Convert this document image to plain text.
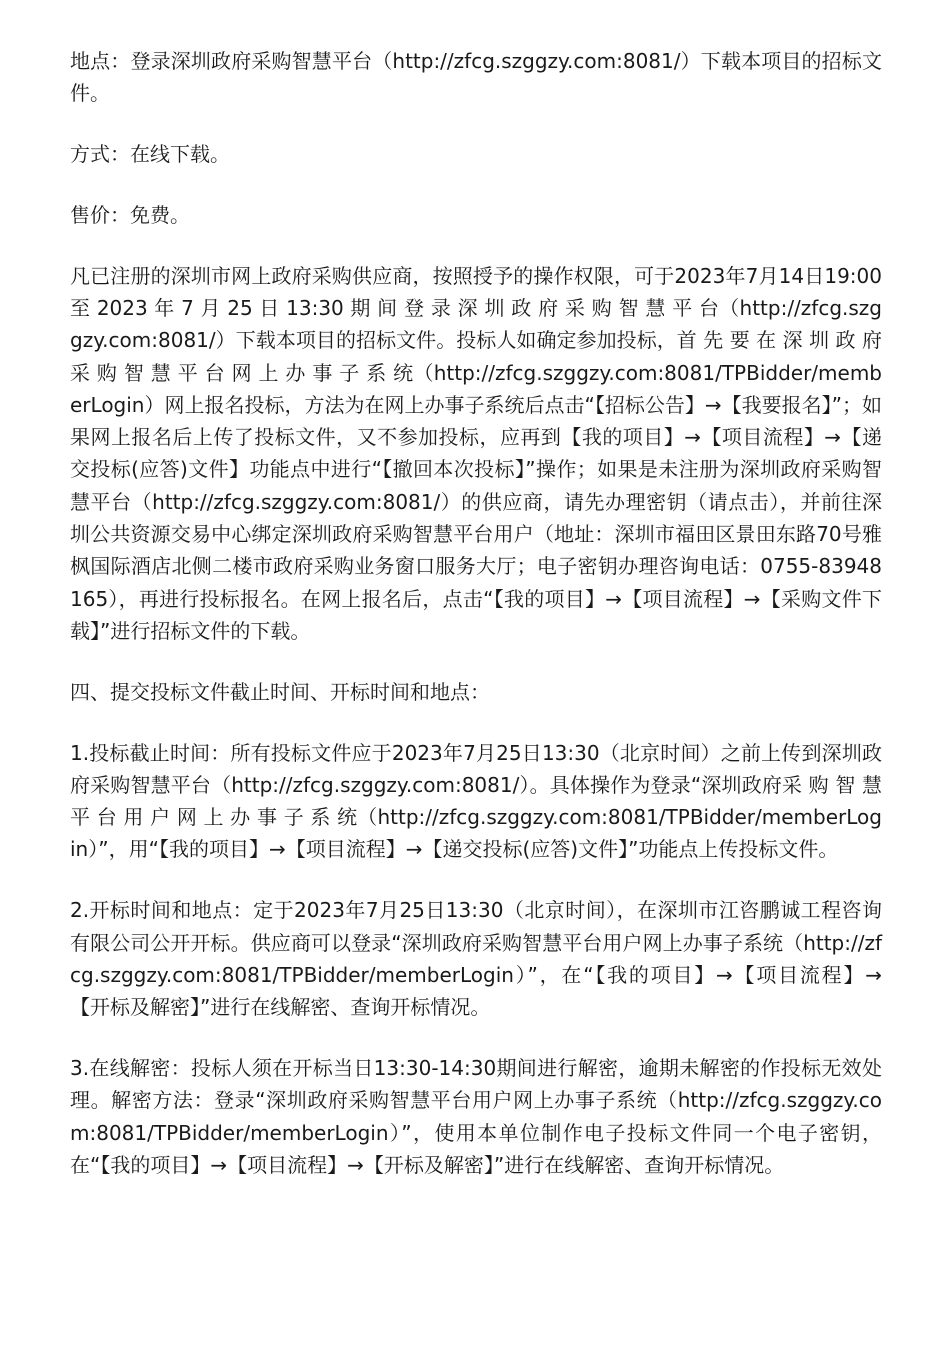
地点：登录深圳政府采购智慧平台（http://zfcg.szggzy.com:8081/）下载本项目的招标文件。

方式：在线下载。

售价：免费。

凡已注册的深圳市网上政府采购供应商，按照授予的操作权限，可于2023年7月14日19:00 至 2023 年 7 月 25 日 13:30 期 间 登 录 深 圳 政 府 采 购 智 慧 平 台（http://zfcg.szggzy.com:8081/）下载本项目的招标文件。投标人如确定参加投标，首 先 要 在 深 圳 政 府 采 购 智 慧 平 台 网 上 办 事 子 系 统（http://zfcg.szggzy.com:8081/TPBidder/memberLogin）网上报名投标，方法为在网上办事子系统后点击“【招标公告】→【我要报名】”；如果网上报名后上传了投标文件，又不参加投标，应再到【我的项目】→【项目流程】→【递交投标(应答)文件】功能点中进行“【撤回本次投标】”操作；如果是未注册为深圳政府采购智慧平台（http://zfcg.szggzy.com:8081/）的供应商，请先办理密钥（请点击），并前往深圳公共资源交易中心绑定深圳政府采购智慧平台用户（地址：深圳市福田区景田东路70号雅枫国际酒店北侧二楼市政府采购业务窗口服务大厅；电子密钥办理咨询电话：0755-83948165），再进行投标报名。在网上报名后，点击“【我的项目】→【项目流程】→【采购文件下载】”进行招标文件的下载。

四、提交投标文件截止时间、开标时间和地点：

1.投标截止时间：所有投标文件应于2023年7月25日13:30（北京时间）之前上传到深圳政府采购智慧平台（http://zfcg.szggzy.com:8081/）。具体操作为登录“深圳政府采 购 智 慧 平 台 用 户 网 上 办 事 子 系 统（http://zfcg.szggzy.com:8081/TPBidder/memberLogin）”，用“【我的项目】→【项目流程】→【递交投标(应答)文件】”功能点上传投标文件。

2.开标时间和地点：定于2023年7月25日13:30（北京时间），在深圳市江咨鹏诚工程咨询有限公司公开开标。供应商可以登录“深圳政府采购智慧平台用户网上办事子系统（http://zfcg.szggzy.com:8081/TPBidder/memberLogin）”，在“【我的项目】→【项目流程】→【开标及解密】”进行在线解密、查询开标情况。

3.在线解密：投标人须在开标当日13:30-14:30期间进行解密，逾期未解密的作投标无效处理。解密方法：登录“深圳政府采购智慧平台用户网上办事子系统（http://zfcg.szggzy.com:8081/TPBidder/memberLogin）”，使用本单位制作电子投标文件同一个电子密钥，在“【我的项目】→【项目流程】→【开标及解密】”进行在线解密、查询开标情况。
